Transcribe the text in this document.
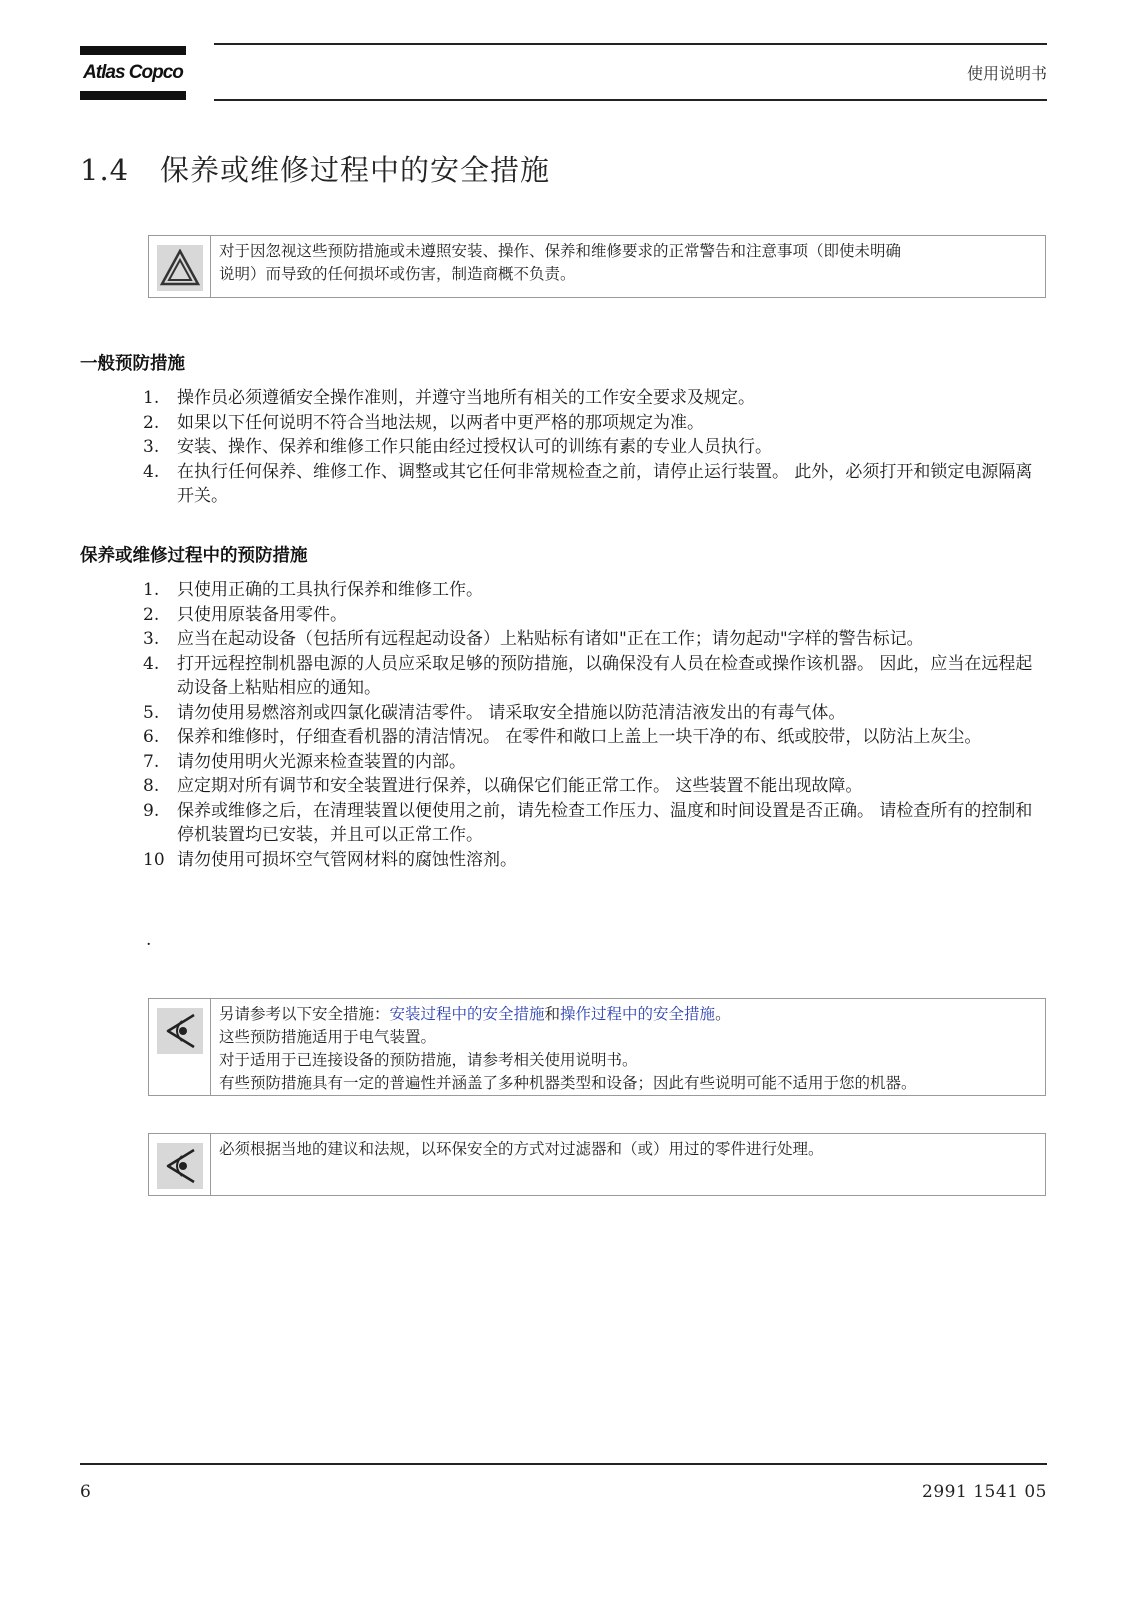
Atlas Copco	使用说明书
1.4 保养或维修过程中的安全措施
对于因忽视这些预防措施或未遵照安装、操作、保养和维修要求的正常警告和注意事项（即使未明确
说明）而导致的任何损坏或伤害，制造商概不负责。
一般预防措施
1.	操作员必须遵循安全操作准则，并遵守当地所有相关的工作安全要求及规定。
2.	如果以下任何说明不符合当地法规，以两者中更严格的那项规定为准。
3.	安装、操作、保养和维修工作只能由经过授权认可的训练有素的专业人员执行。
4.	在执行任何保养、维修工作、调整或其它任何非常规检查之前，请停止运行装置。 此外，必须打开和锁定电源隔离开关。
保养或维修过程中的预防措施
1.	只使用正确的工具执行保养和维修工作。
2.	只使用原装备用零件。
3.	应当在起动设备（包括所有远程起动设备）上粘贴标有诸如"正在工作；请勿起动"字样的警告标记。
4.	打开远程控制机器电源的人员应采取足够的预防措施，以确保没有人员在检查或操作该机器。 因此，应当在远程起动设备上粘贴相应的通知。
5.	请勿使用易燃溶剂或四氯化碳清洁零件。 请采取安全措施以防范清洁液发出的有毒气体。
6.	保养和维修时，仔细查看机器的清洁情况。 在零件和敞口上盖上一块干净的布、纸或胶带，以防沾上灰尘。
7.	请勿使用明火光源来检查装置的内部。
8.	应定期对所有调节和安全装置进行保养，以确保它们能正常工作。 这些装置不能出现故障。
9.	保养或维修之后，在清理装置以便使用之前，请先检查工作压力、温度和时间设置是否正确。 请检查所有的控制和停机装置均已安装，并且可以正常工作。
10 请勿使用可损坏空气管网材料的腐蚀性溶剂。
.
另请参考以下安全措施：安装过程中的安全措施和操作过程中的安全措施。
这些预防措施适用于电气装置。
对于适用于已连接设备的预防措施，请参考相关使用说明书。
有些预防措施具有一定的普遍性并涵盖了多种机器类型和设备；因此有些说明可能不适用于您的机器。
必须根据当地的建议和法规，以环保安全的方式对过滤器和（或）用过的零件进行处理。
6	2991 1541 05
